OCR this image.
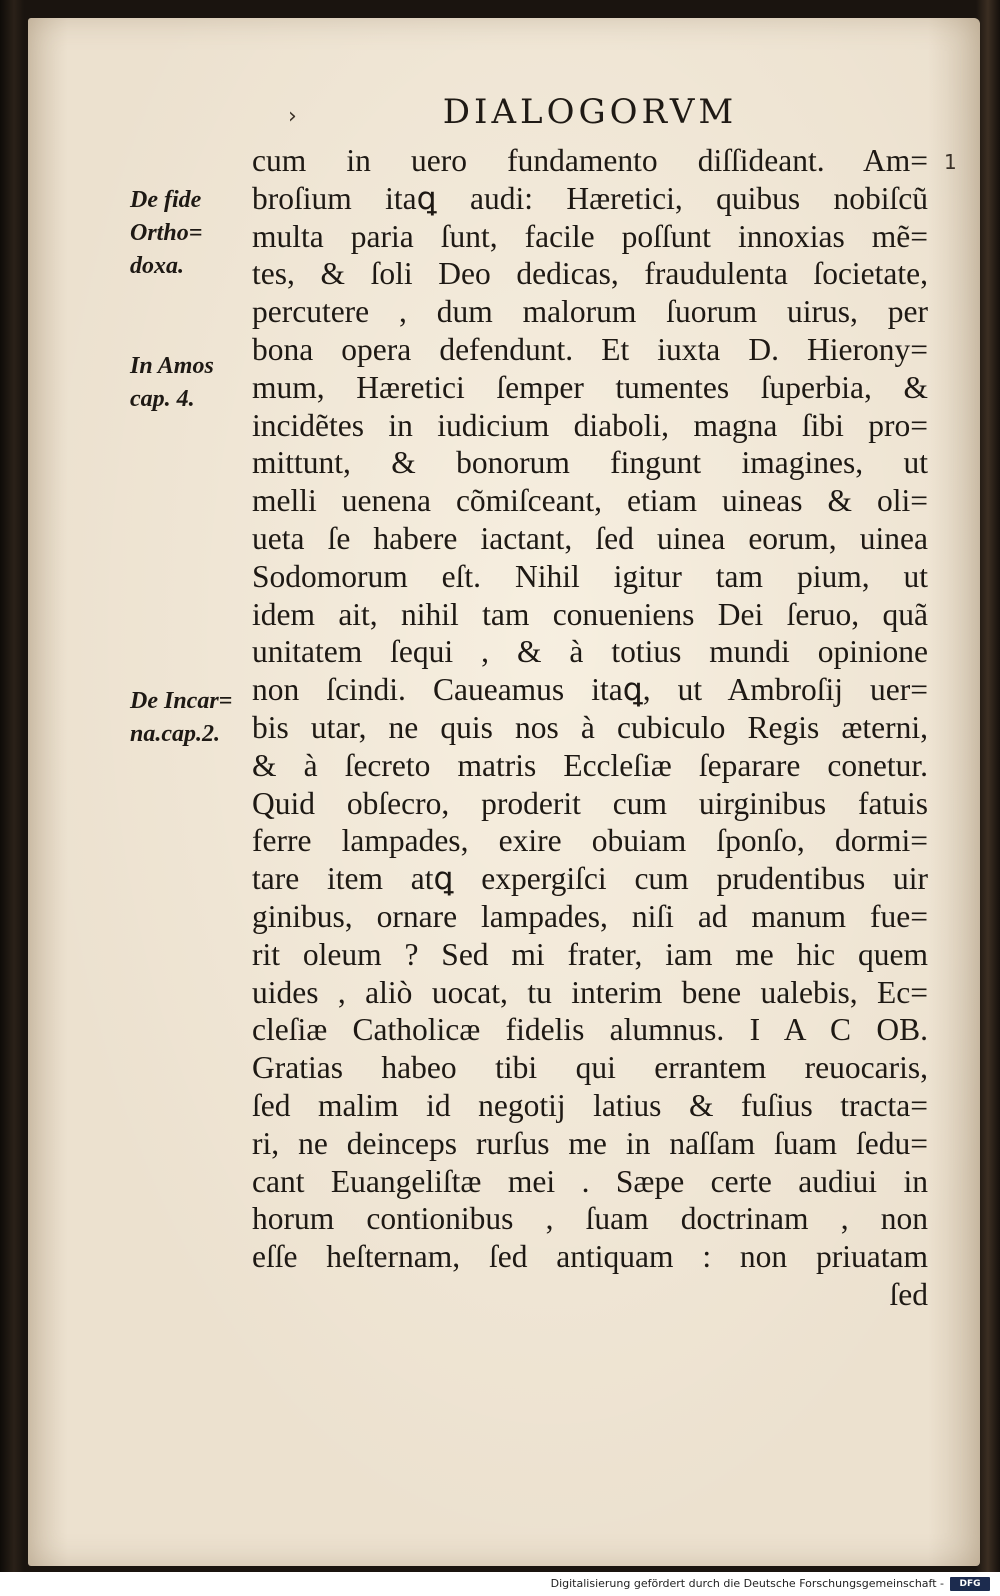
›
1
DIALOGORVM
De fide
Ortho=
doxa.
In Amos
cap. 4.
De Incar=
na.cap.2.
cum in uero fundamento diſſideant. Am=
broſium itaꝗ audi: Hæretici, quibus nobiſcũ
multa paria ſunt, facile poſſunt innoxias mẽ=
tes, & ſoli Deo dedicas, fraudulenta ſocietate,
percutere , dum malorum ſuorum uirus, per
bona opera defendunt. Et iuxta D. Hierony=
mum, Hæretici ſemper tumentes ſuperbia, &
incidẽtes in iudicium diaboli, magna ſibi pro=
mittunt, & bonorum fingunt imagines, ut
melli uenena cõmiſceant, etiam uineas & oli=
ueta ſe habere iactant, ſed uinea eorum, uinea
Sodomorum eſt. Nihil igitur tam pium, ut
idem ait, nihil tam conueniens Dei ſeruo, quã
unitatem ſequi , & à totius mundi opinione
non ſcindi. Caueamus itaꝗ, ut Ambroſij uer=
bis utar, ne quis nos à cubiculo Regis æterni,
& à ſecreto matris Eccleſiæ ſeparare conetur.
Quid obſecro, proderit cum uirginibus fatuis
ferre lampades, exire obuiam ſponſo, dormi=
tare item atꝗ expergiſci cum prudentibus uir
ginibus, ornare lampades, niſi ad manum fue=
rit oleum ? Sed mi frater, iam me hic quem
uides , aliò uocat, tu interim bene ualebis, Ec=
cleſiæ Catholicæ fidelis alumnus. I A C OB.
Gratias habeo tibi qui errantem reuocaris,
ſed malim id negotij latius & fuſius tracta=
ri, ne deinceps rurſus me in naſſam ſuam ſedu=
cant Euangeliſtæ mei . Sæpe certe audiui in
horum contionibus , ſuam doctrinam , non
eſſe heſternam, ſed antiquam : non priuatam
ſed
Digitalisierung gefördert durch die Deutsche Forschungsgemeinschaft -	DFG
